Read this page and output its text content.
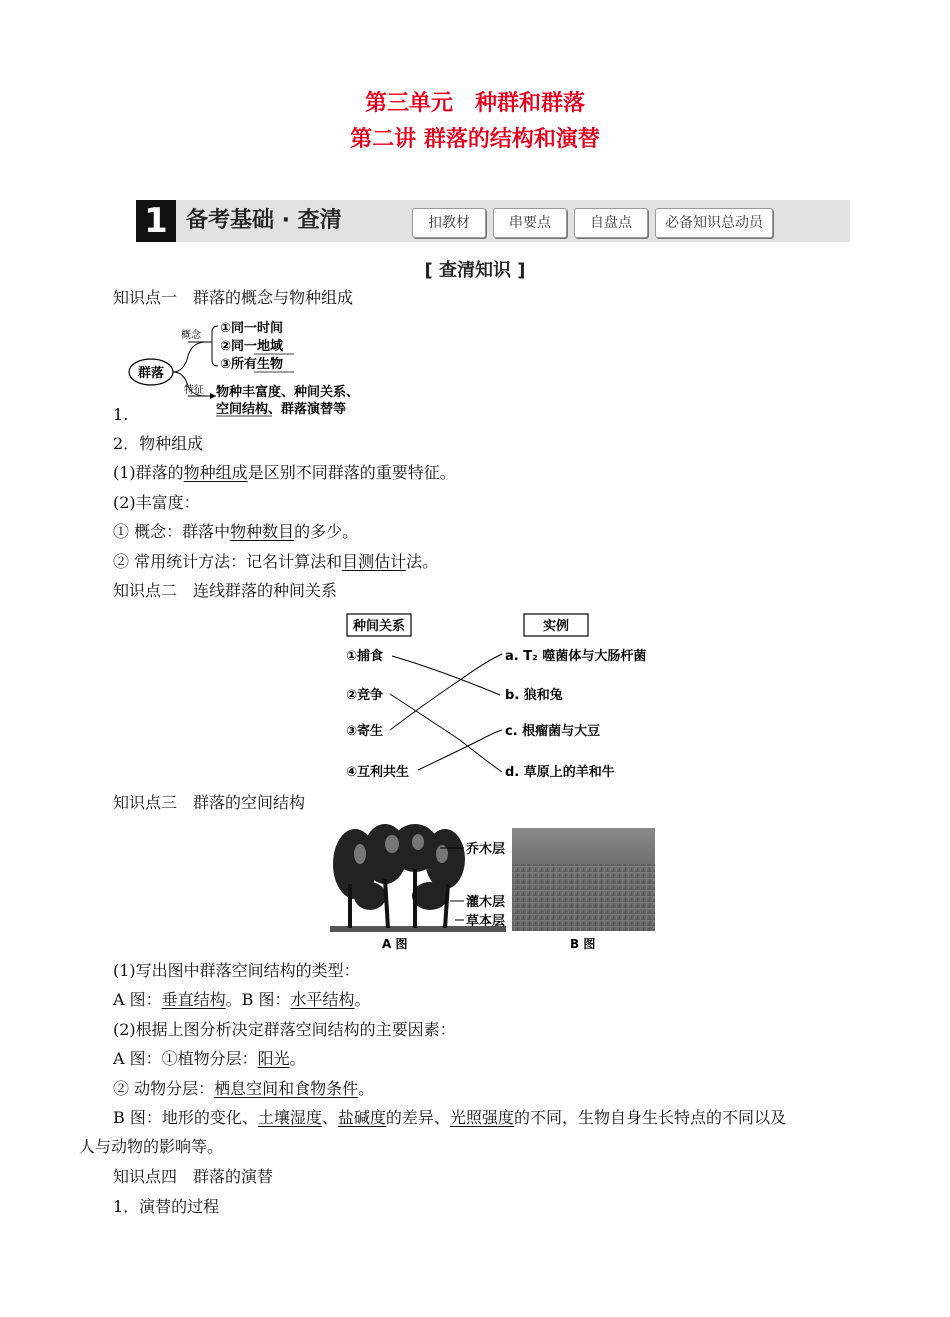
第三单元　种群和群落
第二讲 群落的结构和演替
1 备考基础 · 查清	扣教材	串要点	自盘点	必备知识总动员
[ 查清知识 ]
知识点一　群落的概念与物种组成
群落
概念
特征
①同一时间
②同一地域
③所有生物
物种丰富度、种间关系、
空间结构、群落演替等
1.
2．物种组成
(1)群落的物种组成是区别不同群落的重要特征。
(2)丰富度：
① 概念：群落中物种数目的多少。
② 常用统计方法：记名计算法和目测估计法。
知识点二　连线群落的种间关系
种间关系	实例
①捕食
②竞争
③寄生
④互利共生
a. T₂ 噬菌体与大肠杆菌
b. 狼和兔
c. 根瘤菌与大豆
d. 草原上的羊和牛
知识点三　群落的空间结构
乔木层
灌木层
草本层
A 图	B 图
(1)写出图中群落空间结构的类型：
A 图：垂直结构。B 图：水平结构。
(2)根据上图分析决定群落空间结构的主要因素：
A 图：①植物分层：阳光。
② 动物分层：栖息空间和食物条件。
B 图：地形的变化、土壤湿度、盐碱度的差异、光照强度的不同，生物自身生长特点的不同以及
人与动物的影响等。
知识点四　群落的演替
1．演替的过程
